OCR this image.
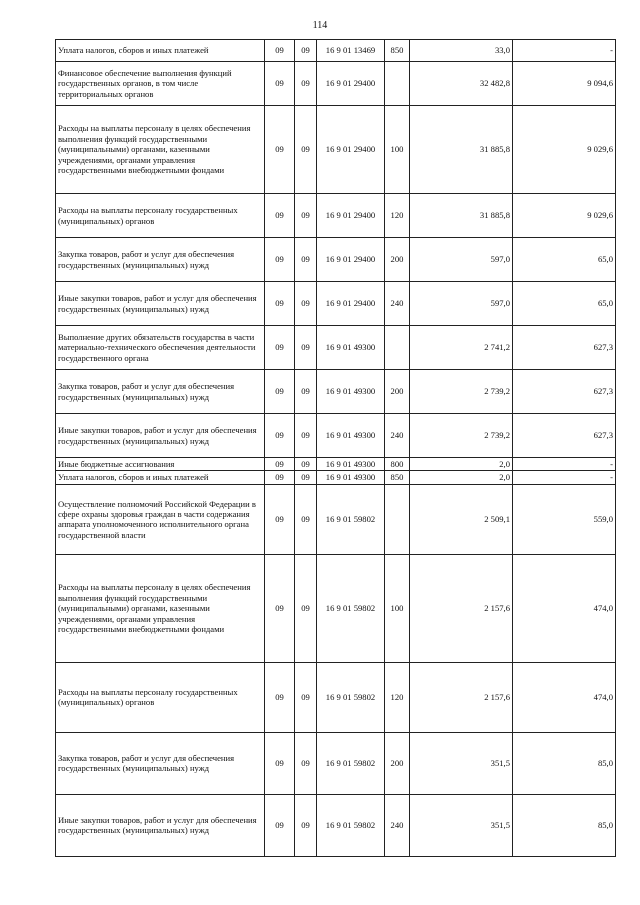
114
Уплата налогов, сборов и иных платежей	09	09	16 9 01 13469	850	33,0	-
Финансовое обеспечение выполнения функций государственных органов, в том числе территориальных органов	09	09	16 9 01 29400		32 482,8	9 094,6
Расходы на выплаты персоналу в целях обеспечения выполнения функций государственными (муниципальными) органами, казенными учреждениями, органами управления государственными внебюджетными фондами	09	09	16 9 01 29400	100	31 885,8	9 029,6
Расходы на выплаты персоналу государственных (муниципальных) органов	09	09	16 9 01 29400	120	31 885,8	9 029,6
Закупка товаров, работ и услуг для обеспечения государственных (муниципальных) нужд	09	09	16 9 01 29400	200	597,0	65,0
Иные закупки товаров, работ и услуг для обеспечения государственных (муниципальных) нужд	09	09	16 9 01 29400	240	597,0	65,0
Выполнение других обязательств государства в части материально-технического обеспечения деятельности государственного органа	09	09	16 9 01 49300		2 741,2	627,3
Закупка товаров, работ и услуг для обеспечения государственных (муниципальных) нужд	09	09	16 9 01 49300	200	2 739,2	627,3
Иные закупки товаров, работ и услуг для обеспечения государственных (муниципальных) нужд	09	09	16 9 01 49300	240	2 739,2	627,3
Иные бюджетные ассигнования	09	09	16 9 01 49300	800	2,0	-
Уплата налогов, сборов и иных платежей	09	09	16 9 01 49300	850	2,0	-
Осуществление полномочий Российской Федерации в сфере охраны здоровья граждан в части содержания аппарата уполномоченного исполнительного органа государственной власти	09	09	16 9 01 59802		2 509,1	559,0
Расходы на выплаты персоналу в целях обеспечения выполнения функций государственными (муниципальными) органами, казенными учреждениями, органами управления государственными внебюджетными фондами	09	09	16 9 01 59802	100	2 157,6	474,0
Расходы на выплаты персоналу государственных (муниципальных) органов	09	09	16 9 01 59802	120	2 157,6	474,0
Закупка товаров, работ и услуг для обеспечения государственных (муниципальных) нужд	09	09	16 9 01 59802	200	351,5	85,0
Иные закупки товаров, работ и услуг для обеспечения государственных (муниципальных) нужд	09	09	16 9 01 59802	240	351,5	85,0
